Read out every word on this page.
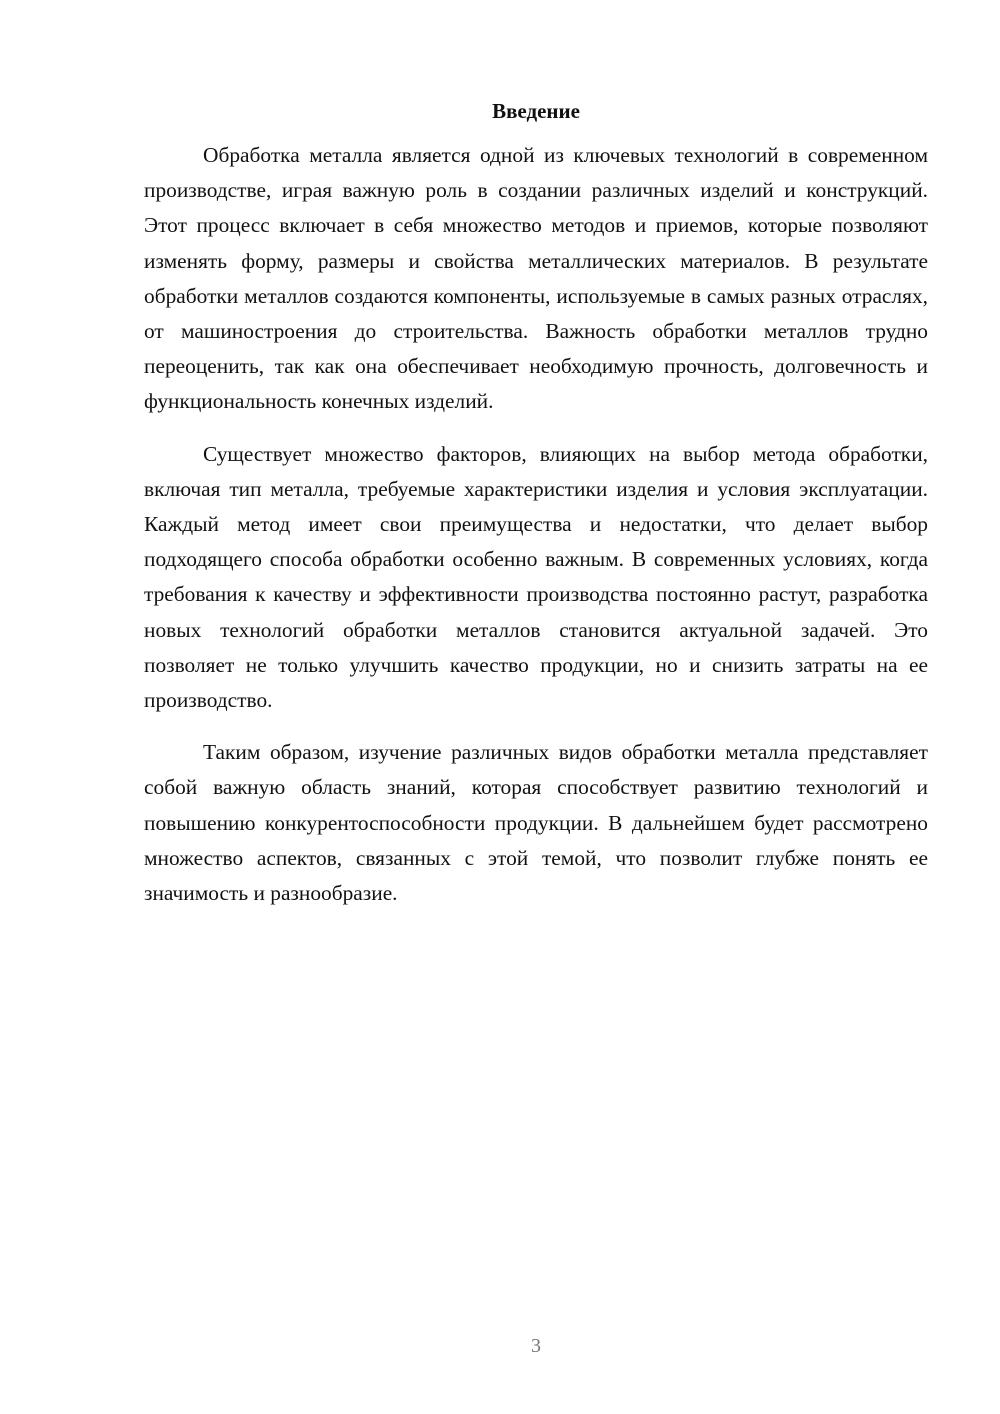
Введение

Обработка металла является одной из ключевых технологий в современном производстве, играя важную роль в создании различных изделий и конструкций. Этот процесс включает в себя множество методов и приемов, которые позволяют изменять форму, размеры и свойства металлических материалов. В результате обработки металлов создаются компоненты, используемые в самых разных отраслях, от машиностроения до строительства. Важность обработки металлов трудно переоценить, так как она обеспечивает необходимую прочность, долговечность и функциональность конечных изделий.

Существует множество факторов, влияющих на выбор метода обработки, включая тип металла, требуемые характеристики изделия и условия эксплуатации. Каждый метод имеет свои преимущества и недостатки, что делает выбор подходящего способа обработки особенно важным. В современных условиях, когда требования к качеству и эффективности производства постоянно растут, разработка новых технологий обработки металлов становится актуальной задачей. Это позволяет не только улучшить качество продукции, но и снизить затраты на ее производство.

Таким образом, изучение различных видов обработки металла представляет собой важную область знаний, которая способствует развитию технологий и повышению конкурентоспособности продукции. В дальнейшем будет рассмотрено множество аспектов, связанных с этой темой, что позволит глубже понять ее значимость и разнообразие.

3
